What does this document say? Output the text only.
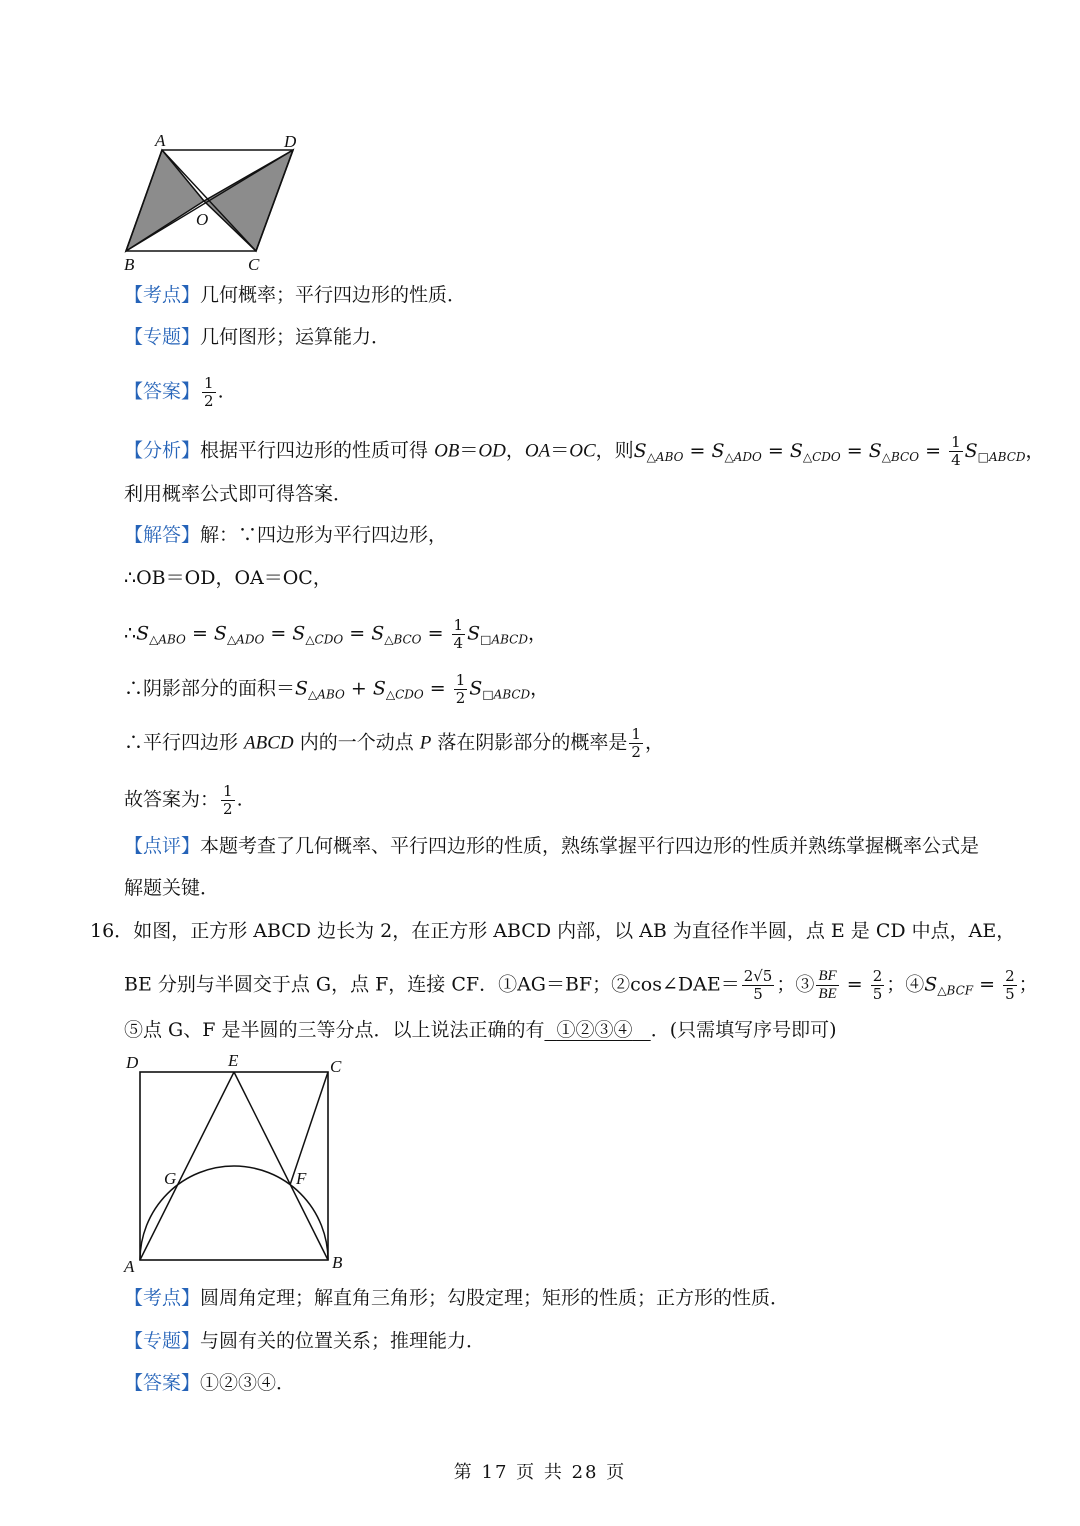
A	D
O
B	C
【考点】几何概率；平行四边形的性质．
【专题】几何图形；运算能力．
【答案】 $\frac{1}{2}$ .
【分析】根据平行四边形的性质可得 OB＝OD，OA＝OC，则$S_{\triangle ABO} = S_{\triangle ADO} = S_{\triangle CDO} = S_{\triangle BCO} = \frac{1}{4} S_{□ABCD}$，
利用概率公式即可得答案．
【解答】解：∵四边形为平行四边形，
∴OB＝OD，OA＝OC，
$\therefore S_{\triangle ABO} = S_{\triangle ADO} = S_{\triangle CDO} = S_{\triangle BCO} = \frac{1}{4} S_{□ABCD}$，
∴阴影部分的面积$=S_{\triangle ABO} + S_{\triangle CDO} = \frac{1}{2} S_{□ABCD}$，
∴平行四边形 ABCD 内的一个动点 P 落在阴影部分的概率是 $\frac{1}{2}$ ，
故答案为： $\frac{1}{2}$ .
【点评】本题考查了几何概率、平行四边形的性质，熟练掌握平行四边形的性质并熟练掌握概率公式是
解题关键．
16．如图，正方形 ABCD 边长为 2，在正方形 ABCD 内部，以 AB 为直径作半圆，点 E 是 CD 中点，AE，
BE 分别与半圆交于点 G，点 F，连接 CF．①AG＝BF；②cos∠DAE＝ $\frac{2√5}{5}$ ；③ $\frac{BF}{BE} = \frac{2}{5}$ ；$④S_{\triangle BCF} = \frac{2}{5}$ ；
⑤点 G、F 是半圆的三等分点．以上说法正确的有 ①②③④ ．(只需填写序号即可)
D	E	C
G	F
A	B
【考点】圆周角定理；解直角三角形；勾股定理；矩形的性质；正方形的性质．
【专题】与圆有关的位置关系；推理能力．
【答案】①②③④．
第 17 页 共 28 页
